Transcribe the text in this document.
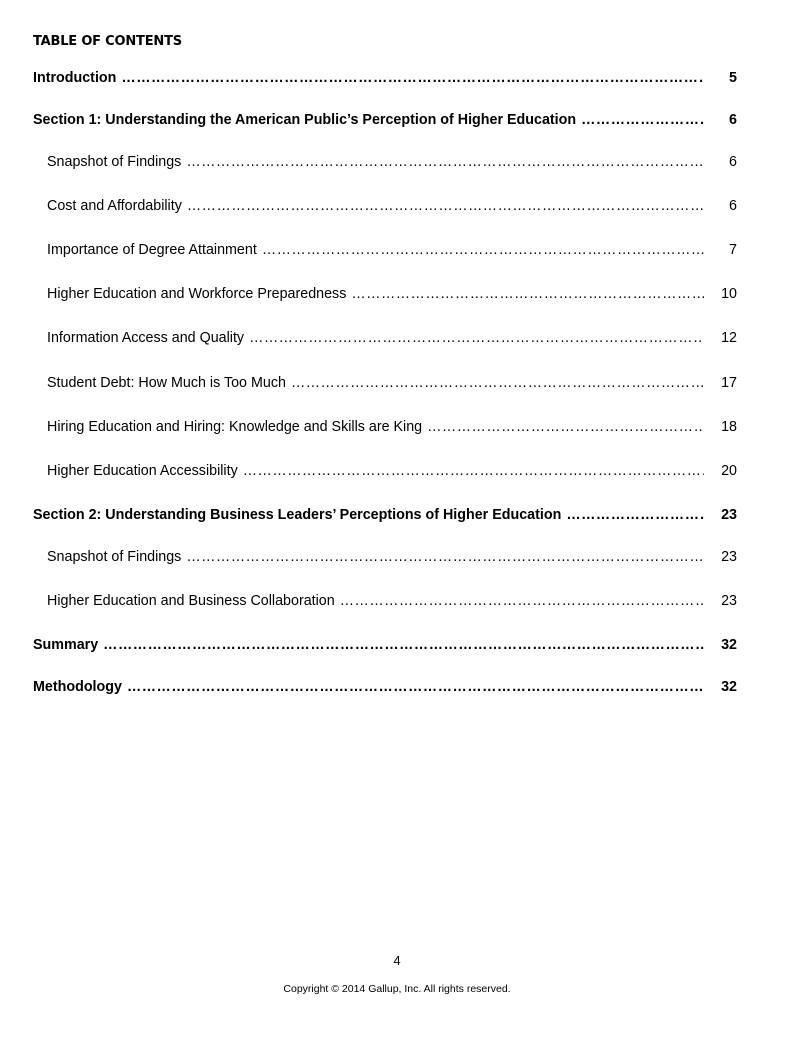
TABLE OF CONTENTS
Introduction ………………………………………………………………………………………………………………………………………………………………………………………	5
Section 1: Understanding the American Public’s Perception of Higher Education ………………………………………………………………………………………………………………………………………………………………………………………	6
Snapshot of Findings ………………………………………………………………………………………………………………………………………………………………………………………	6
Cost and Affordability ………………………………………………………………………………………………………………………………………………………………………………………	6
Importance of Degree Attainment ………………………………………………………………………………………………………………………………………………………………………………………	7
Higher Education and Workforce Preparedness ………………………………………………………………………………………………………………………………………………………………………………………	10
Information Access and Quality ………………………………………………………………………………………………………………………………………………………………………………………	12
Student Debt: How Much is Too Much ………………………………………………………………………………………………………………………………………………………………………………………	17
Hiring Education and Hiring: Knowledge and Skills are King ………………………………………………………………………………………………………………………………………………………………………………………	18
Higher Education Accessibility ………………………………………………………………………………………………………………………………………………………………………………………	20
Section 2: Understanding Business Leaders’ Perceptions of Higher Education ………………………………………………………………………………………………………………………………………………………………………………………	23
Snapshot of Findings ………………………………………………………………………………………………………………………………………………………………………………………	23
Higher Education and Business Collaboration ………………………………………………………………………………………………………………………………………………………………………………………	23
Summary ………………………………………………………………………………………………………………………………………………………………………………………	32
Methodology ………………………………………………………………………………………………………………………………………………………………………………………	32
4
Copyright © 2014 Gallup, Inc. All rights reserved.
